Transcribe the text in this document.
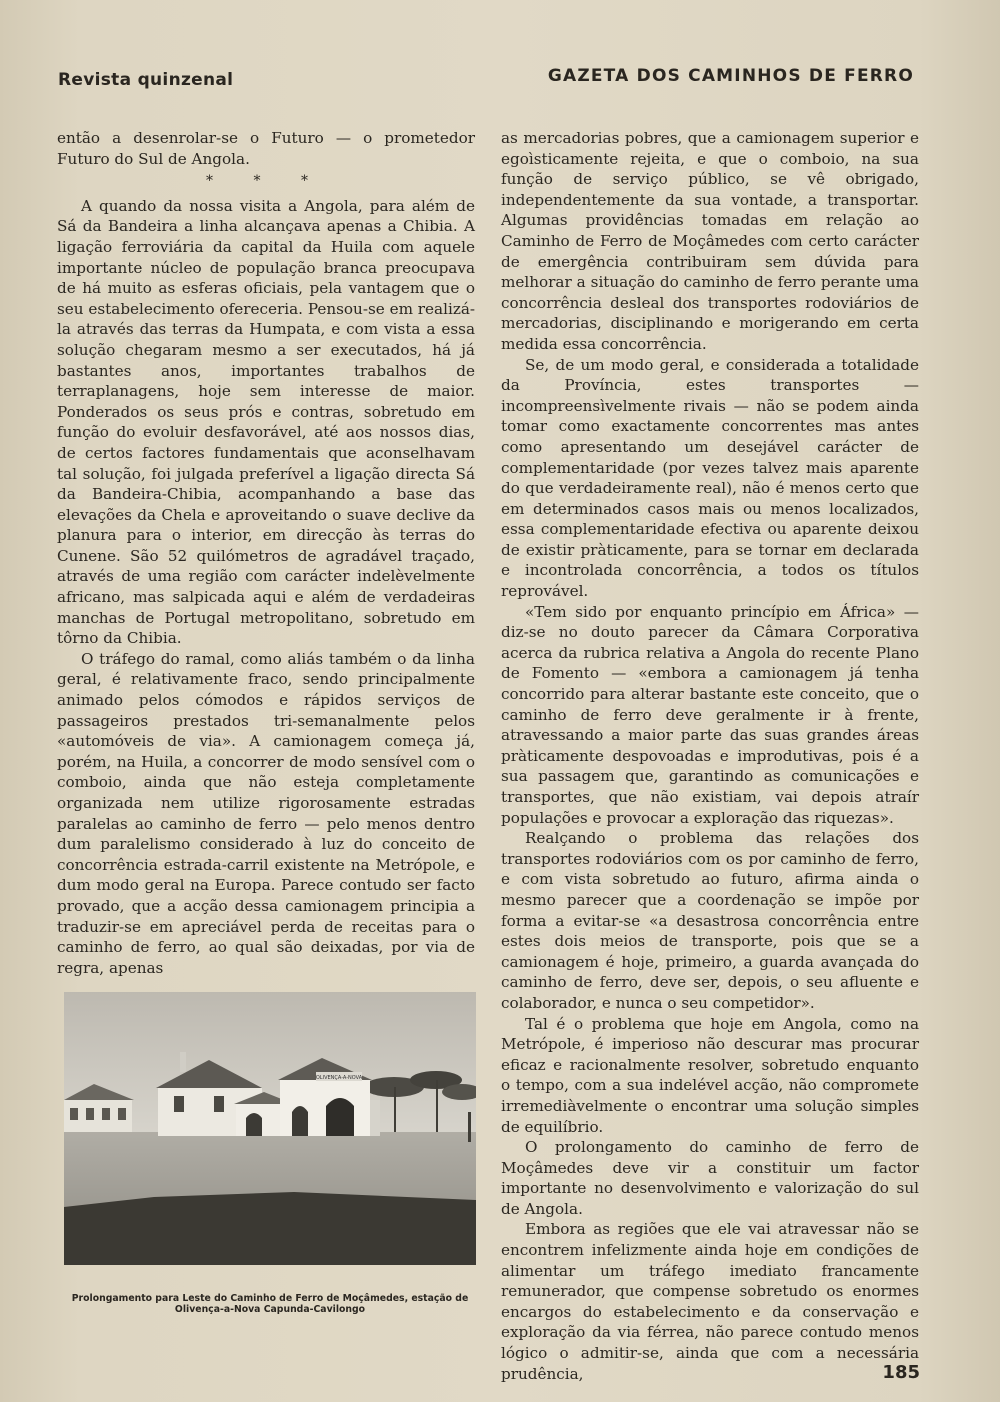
Revista quinzenal	GAZETA DOS CAMINHOS DE FERRO

então a desenrolar-se o Futuro — o prometedor Futuro do Sul de Angola.

* * *

A quando da nossa visita a Angola, para além de Sá da Bandeira a linha alcançava apenas a Chibia. A ligação ferroviária da capital da Huila com aquele importante núcleo de população branca preocupava de há muito as esferas oficiais, pela vantagem que o seu estabelecimento ofereceria. Pensou-se em realizá-la através das terras da Humpata, e com vista a essa solução chegaram mesmo a ser executados, há já bastantes anos, importantes trabalhos de terraplanagens, hoje sem interesse de maior. Ponderados os seus prós e contras, sobretudo em função do evoluir desfavorável, até aos nossos dias, de certos factores fundamentais que aconselhavam tal solução, foi julgada preferível a ligação directa Sá da Bandeira-Chibia, acompanhando a base das elevações da Chela e aproveitando o suave declive da planura para o interior, em direcção às terras do Cunene. São 52 quilómetros de agradável traçado, através de uma região com carácter indelèvelmente africano, mas salpicada aqui e além de verdadeiras manchas de Portugal metropolitano, sobretudo em tôrno da Chibia.

O tráfego do ramal, como aliás também o da linha geral, é relativamente fraco, sendo principalmente animado pelos cómodos e rápidos serviços de passageiros prestados tri-semanalmente pelos «automóveis de via». A camionagem começa já, porém, na Huila, a concorrer de modo sensível com o comboio, ainda que não esteja completamente organizada nem utilize rigorosamente estradas paralelas ao caminho de ferro — pelo menos dentro dum paralelismo considerado à luz do conceito de concorrência estrada-carril existente na Metrópole, e dum modo geral na Europa. Parece contudo ser facto provado, que a acção dessa camionagem principia a traduzir-se em apreciável perda de receitas para o caminho de ferro, ao qual são deixadas, por via de regra, apenas

OLIVENÇA-A-NOVA
Prolongamento para Leste do Caminho de Ferro de Moçâmedes, estação de Olivença-a-Nova Capunda-Cavilongo

as mercadorias pobres, que a camionagem superior e egoìsticamente rejeita, e que o comboio, na sua função de serviço público, se vê obrigado, independentemente da sua vontade, a transportar. Algumas providências tomadas em relação ao Caminho de Ferro de Moçâmedes com certo carácter de emergência contribuiram sem dúvida para melhorar a situação do caminho de ferro perante uma concorrência desleal dos transportes rodoviários de mercadorias, disciplinando e morigerando em certa medida essa concorrência.

Se, de um modo geral, e considerada a totalidade da Província, estes transportes — incompreensìvelmente rivais — não se podem ainda tomar como exactamente concorrentes mas antes como apresentando um desejável carácter de complementaridade (por vezes talvez mais aparente do que verdadeiramente real), não é menos certo que em determinados casos mais ou menos localizados, essa complementaridade efectiva ou aparente deixou de existir pràticamente, para se tornar em declarada e incontrolada concorrência, a todos os títulos reprovável.

«Tem sido por enquanto princípio em África» — diz-se no douto parecer da Câmara Corporativa acerca da rubrica relativa a Angola do recente Plano de Fomento — «embora a camionagem já tenha concorrido para alterar bastante este conceito, que o caminho de ferro deve geralmente ir à frente, atravessando a maior parte das suas grandes áreas pràticamente despovoadas e improdutivas, pois é a sua passagem que, garantindo as comunicações e transportes, que não existiam, vai depois atraír populações e provocar a exploração das riquezas».

Realçando o problema das relações dos transportes rodoviários com os por caminho de ferro, e com vista sobretudo ao futuro, afirma ainda o mesmo parecer que a coordenação se impõe por forma a evitar-se «a desastrosa concorrência entre estes dois meios de transporte, pois que se a camionagem é hoje, primeiro, a guarda avançada do caminho de ferro, deve ser, depois, o seu afluente e colaborador, e nunca o seu competidor».

Tal é o problema que hoje em Angola, como na Metrópole, é imperioso não descurar mas procurar eficaz e racionalmente resolver, sobretudo enquanto o tempo, com a sua indelével acção, não compromete irremediàvelmente o encontrar uma solução simples de equilíbrio.

O prolongamento do caminho de ferro de Moçâmedes deve vir a constituir um factor importante no desenvolvimento e valorização do sul de Angola.

Embora as regiões que ele vai atravessar não se encontrem infelizmente ainda hoje em condições de alimentar um tráfego imediato francamente remunerador, que compense sobretudo os enormes encargos do estabelecimento e da conservação e exploração da via férrea, não parece contudo menos lógico o admitir-se, ainda que com a necessária prudência,	185
